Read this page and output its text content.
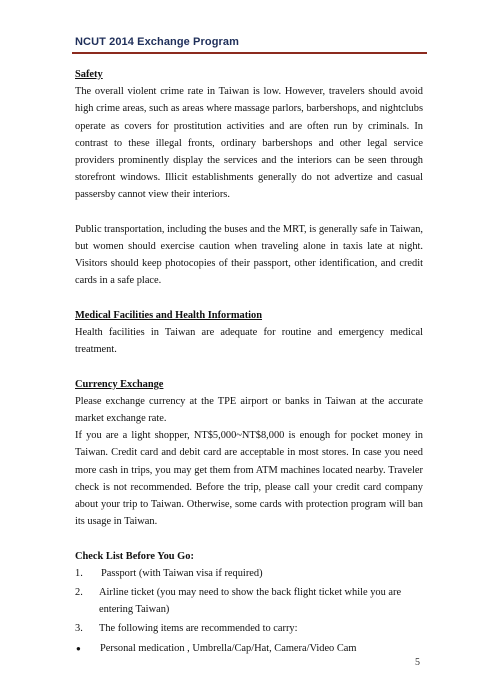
NCUT 2014 Exchange Program

Safety

The overall violent crime rate in Taiwan is low. However, travelers should avoid high crime areas, such as areas where massage parlors, barbershops, and nightclubs operate as covers for prostitution activities and are often run by criminals. In contrast to these illegal fronts, ordinary barbershops and other legal service providers prominently display the services and the interiors can be seen through storefront windows. Illicit establishments generally do not advertize and casual passersby cannot view their interiors.

Public transportation, including the buses and the MRT, is generally safe in Taiwan, but women should exercise caution when traveling alone in taxis late at night. Visitors should keep photocopies of their passport, other identification, and credit cards in a safe place.

Medical Facilities and Health Information

Health facilities in Taiwan are adequate for routine and emergency medical treatment.

Currency Exchange

Please exchange currency at the TPE airport or banks in Taiwan at the accurate market exchange rate.

If you are a light shopper, NT$5,000~NT$8,000 is enough for pocket money in Taiwan. Credit card and debit card are acceptable in most stores. In case you need more cash in trips, you may get them from ATM machines located nearby. Traveler check is not recommended. Before the trip, please call your credit card company about your trip to Taiwan. Otherwise, some cards with protection program will ban its usage in Taiwan.

Check List Before You Go:

1.	Passport (with Taiwan visa if required)
2.	Airline ticket (you may need to show the back flight ticket while you are entering Taiwan)
3.	The following items are recommended to carry:
●	Personal medication , Umbrella/Cap/Hat, Camera/Video Cam
5
